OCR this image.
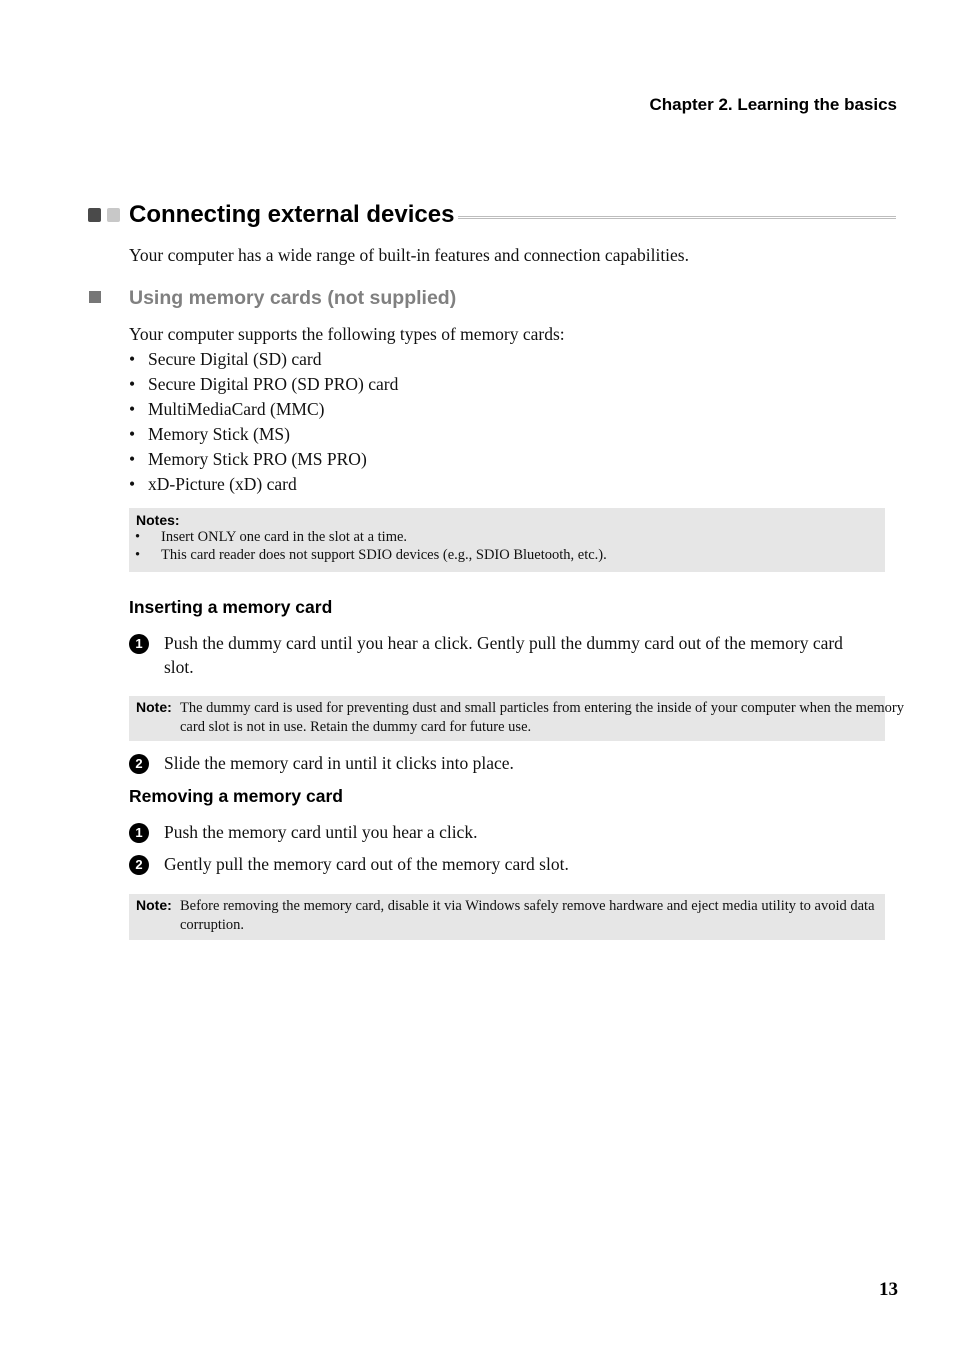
Chapter 2. Learning the basics
Connecting external devices
Your computer has a wide range of built-in features and connection capabilities.
Using memory cards (not supplied)
Your computer supports the following types of memory cards:
• Secure Digital (SD) card
• Secure Digital PRO (SD PRO) card
• MultiMediaCard (MMC)
• Memory Stick (MS)
• Memory Stick PRO (MS PRO)
• xD-Picture (xD) card
Notes:
• Insert ONLY one card in the slot at a time.
• This card reader does not support SDIO devices (e.g., SDIO Bluetooth, etc.).
Inserting a memory card
1	Push the dummy card until you hear a click. Gently pull the dummy card out of the memory card slot.
Note: The dummy card is used for preventing dust and small particles from entering the inside of your computer when the memory card slot is not in use. Retain the dummy card for future use.
2	Slide the memory card in until it clicks into place.
Removing a memory card
1	Push the memory card until you hear a click.
2	Gently pull the memory card out of the memory card slot.
Note: Before removing the memory card, disable it via Windows safely remove hardware and eject media utility to avoid data corruption.
13
